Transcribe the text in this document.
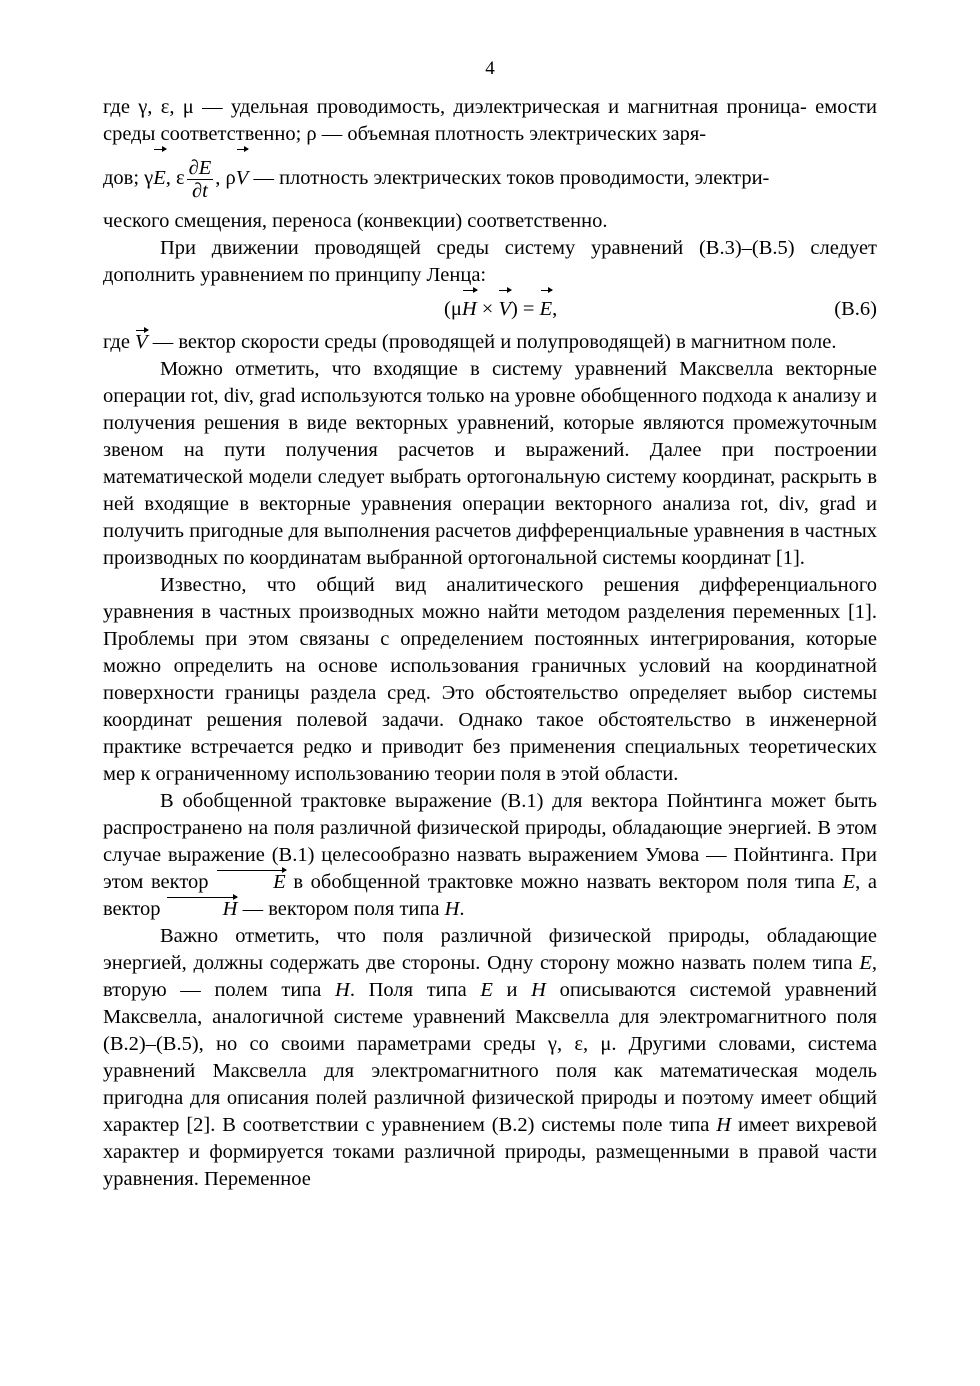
4

где γ, ε, μ — удельная проводимость, диэлектрическая и магнитная проница- емости среды соответственно; ρ — объемная плотность электрических заря-

дов; γE, ε $\frac{\partial E}{\partial t}$ , ρV — плотность электрических токов проводимости, электри-

ческого смещения, переноса (конвекции) соответственно.

При движении проводящей среды систему уравнений (В.3)–(В.5) следует дополнить уравнением по принципу Ленца:

(μH × V) = E,	(В.6)

где V — вектор скорости среды (проводящей и полупроводящей) в магнитном поле.

Можно отметить, что входящие в систему уравнений Максвелла векторные операции rot, div, grad используются только на уровне обобщенного подхода к анализу и получения решения в виде векторных уравнений, которые являются промежуточным звеном на пути получения расчетов и выражений. Далее при построении математической модели следует выбрать ортогональную систему координат, раскрыть в ней входящие в векторные уравнения операции векторного анализа rot, div, grad и получить пригодные для выполнения расчетов дифференциальные уравнения в частных производных по координатам выбранной ортогональной системы координат [1].

Известно, что общий вид аналитического решения дифференциального уравнения в частных производных можно найти методом разделения переменных [1]. Проблемы при этом связаны с определением постоянных интегрирования, которые можно определить на основе использования граничных условий на координатной поверхности границы раздела сред. Это обстоятельство определяет выбор системы координат решения полевой задачи. Однако такое обстоятельство в инженерной практике встречается редко и приводит без применения специальных теоретических мер к ограниченному использованию теории поля в этой области.

В обобщенной трактовке выражение (В.1) для вектора Пойнтинга может быть распространено на поля различной физической природы, обладающие энергией. В этом случае выражение (В.1) целесообразно назвать выражением Умова — Пойнтинга. При этом вектор	E в обобщенной трактовке можно назвать вектором поля типа E, а вектор	H — вектором поля типа H.

Важно отметить, что поля различной физической природы, обладающие энергией, должны содержать две стороны. Одну сторону можно назвать полем типа E, вторую — полем типа H. Поля типа E и H описываются системой уравнений Максвелла, аналогичной системе уравнений Максвелла для электромагнитного поля (В.2)–(В.5), но со своими параметрами среды γ, ε, μ. Другими словами, система уравнений Максвелла для электромагнитного поля как математическая модель пригодна для описания полей различной физической природы и поэтому имеет общий характер [2]. В соответствии с уравнением (В.2) системы поле типа H имеет вихревой характер и формируется токами различной природы, размещенными в правой части уравнения. Переменное
